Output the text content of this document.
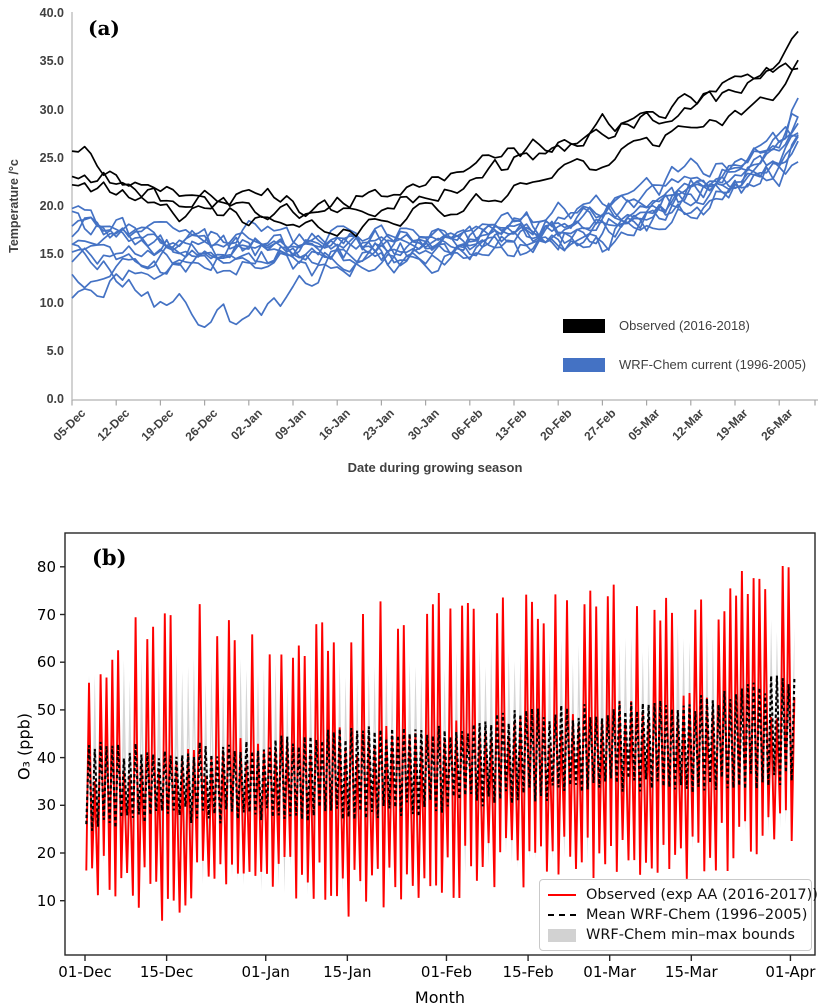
(a)
Temperature /°c
Date during growing season
0.0
5.0
10.0
15.0
20.0
25.0
30.0
35.0
40.0
05-Dec 12-Dec 19-Dec 26-Dec 02-Jan 09-Jan 16-Jan 23-Jan 30-Jan 06-Feb 13-Feb 20-Feb 27-Feb 05-Mar 12-Mar 19-Mar 26-Mar
Observed (2016-2018)
WRF-Chem current (1996-2005)
(b)
O₃ (ppb)
Month
10
20
30
40
50
60
70
80
01-Dec	15-Dec	01-Jan	15-Jan	01-Feb	15-Feb	01-Mar	15-Mar	01-Apr
Observed (exp AA (2016-2017))
Mean WRF-Chem (1996–2005)
WRF-Chem min–max bounds
